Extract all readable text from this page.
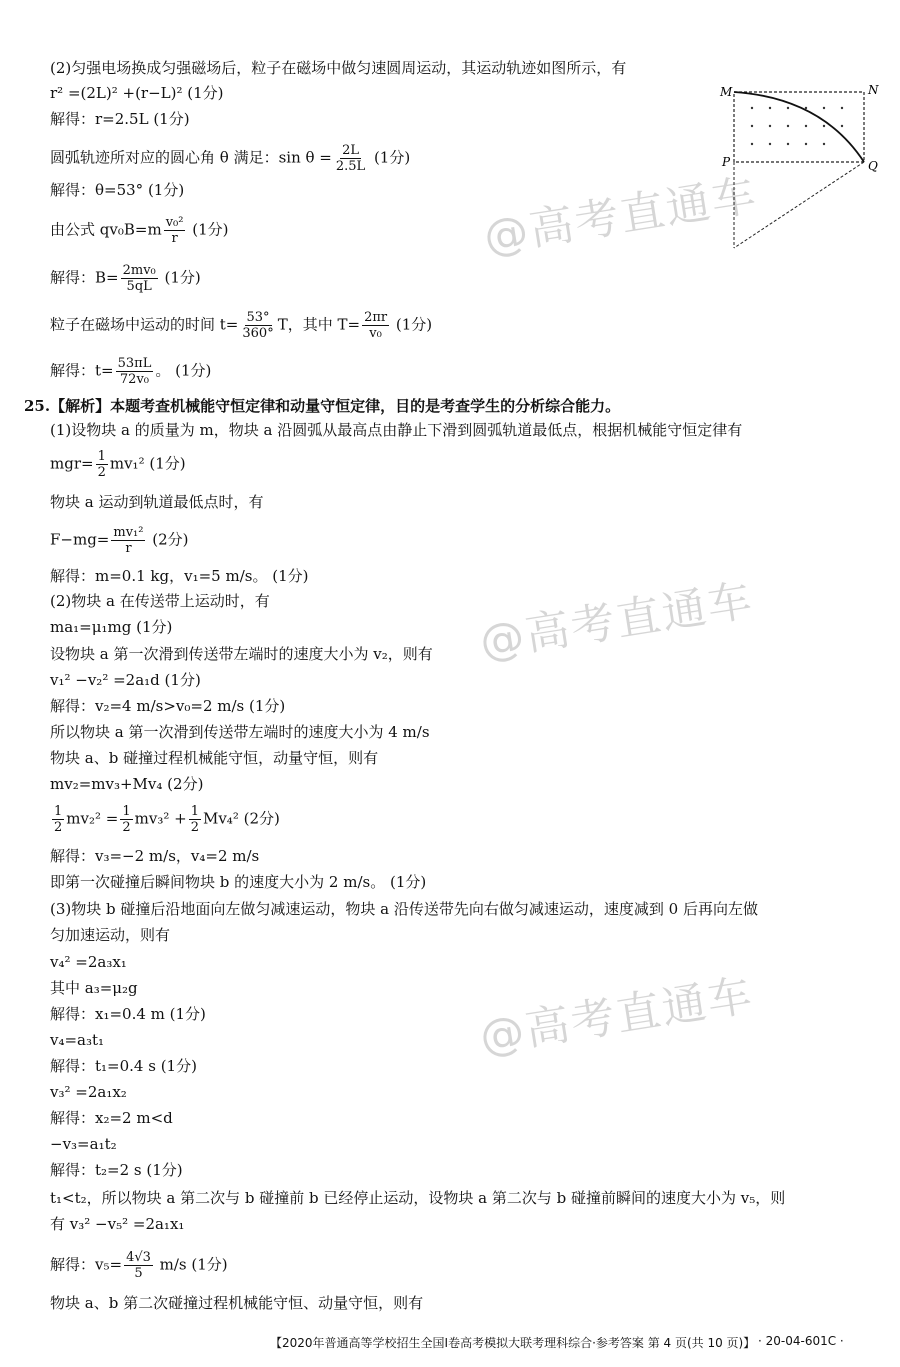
@高考直通车
@高考直通车
@高考直通车
M	N
P	Q
(2)匀强电场换成匀强磁场后，粒子在磁场中做匀速圆周运动，其运动轨迹如图所示，有
r² =(2L)² +(r−L)² (1分)
解得：r=2.5L (1分)
圆弧轨迹所对应的圆心角 θ 满足：$\sin \theta = \frac{2L}{2.5L} (1$分)
解得：θ=53° (1分)
由公式 $qv_0B=m \frac{\text{v₀²}}{r} (1$分)
解得：$B= \frac{\text{2mv₀}}{5qL} (1$分)
粒子在磁场中运动的时间 $t= \frac{53^\circ}{360^\circ}$ T，其中 $T= \frac{2\pi r}{\text{v₀}} (1$分)
解得：$t= \frac{53\pi L}{\text{72v₀}}$ 。 (1分)
25.【解析】本题考查机械能守恒定律和动量守恒定律，目的是考查学生的分析综合能力。
(1)设物块 a 的质量为 m，物块 a 沿圆弧从最高点由静止下滑到圆弧轨道最低点，根据机械能守恒定律有
$mgr= \frac{1}{2} mv_1^2$ (1分)
物块 a 运动到轨道最低点时，有
$F-mg= \frac{\text{mv₁²}}{r} (2$分)
解得：m=0.1 kg，v₁=5 m/s。 (1分)
(2)物块 a 在传送带上运动时，有
ma₁=μ₁mg (1分)
设物块 a 第一次滑到传送带左端时的速度大小为 v₂，则有
v₁² −v₂² =2a₁d (1分)
解得：v₂=4 m/s>v₀=2 m/s (1分)
所以物块 a 第一次滑到传送带左端时的速度大小为 4 m/s
物块 a、b 碰撞过程机械能守恒，动量守恒，则有
mv₂=mv₃+Mv₄ (2分)
$\frac{1}{2} mv_2^2 = \frac{1}{2} mv_3^2 + \frac{1}{2} Mv_4^2$ (2分)
解得：v₃=−2 m/s，v₄=2 m/s
即第一次碰撞后瞬间物块 b 的速度大小为 2 m/s。 (1分)
(3)物块 b 碰撞后沿地面向左做匀减速运动，物块 a 沿传送带先向右做匀减速运动，速度减到 0 后再向左做
匀加速运动，则有
v₄² =2a₃x₁
其中 a₃=μ₂g
解得：x₁=0.4 m (1分)
v₄=a₃t₁
解得：t₁=0.4 s (1分)
v₃² =2a₁x₂
解得：x₂=2 m<d
−v₃=a₁t₂
解得：t₂=2 s (1分)
t₁<t₂，所以物块 a 第二次与 b 碰撞前 b 已经停止运动，设物块 a 第二次与 b 碰撞前瞬间的速度大小为 v₅，则
有 v₃² −v₅² =2a₁x₁
解得：$v_5= \frac{4√3}{5} m/s$ (1分)
物块 a、b 第二次碰撞过程机械能守恒、动量守恒，则有
【2020年普通高等学校招生全国Ⅰ卷高考模拟大联考理科综合·参考答案 第 4 页(共 10 页)】 · 20-04-601C ·
